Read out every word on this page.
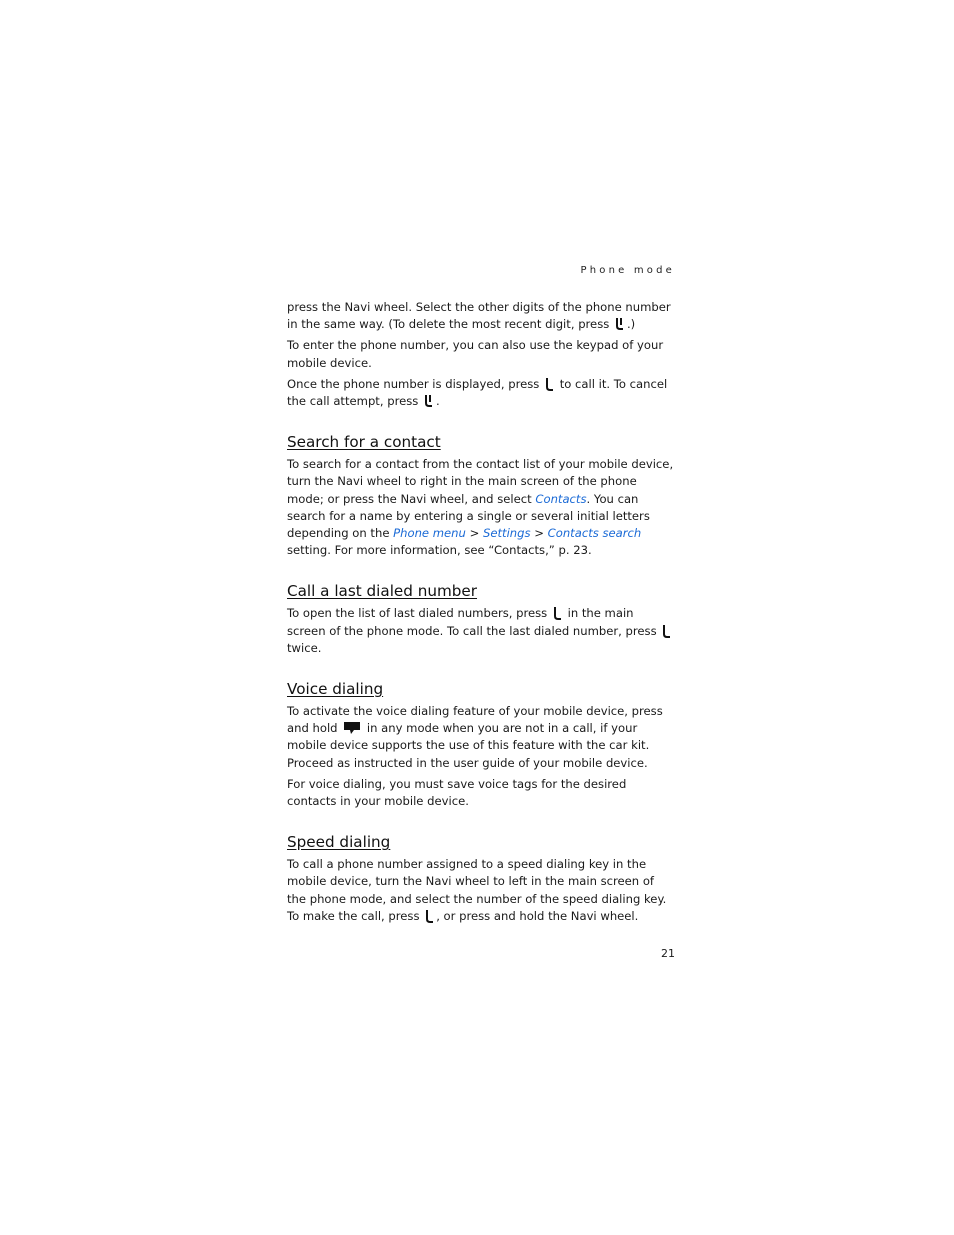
Phone mode

press the Navi wheel. Select the other digits of the phone number in the same way. (To delete the most recent digit, press .)

To enter the phone number, you can also use the keypad of your mobile device.

Once the phone number is displayed, press to call it. To cancel the call attempt, press .

Search for a contact

To search for a contact from the contact list of your mobile device, turn the Navi wheel to right in the main screen of the phone mode; or press the Navi wheel, and select Contacts. You can search for a name by entering a single or several initial letters depending on the Phone menu > Settings > Contacts search setting. For more information, see “Contacts,” p. 23.

Call a last dialed number

To open the list of last dialed numbers, press in the main screen of the phone mode. To call the last dialed number, press  twice.

Voice dialing

To activate the voice dialing feature of your mobile device, press and hold	in any mode when you are not in a call, if your mobile device supports the use of this feature with the car kit. Proceed as instructed in the user guide of your mobile device.

For voice dialing, you must save voice tags for the desired contacts in your mobile device.

Speed dialing

To call a phone number assigned to a speed dialing key in the mobile device, turn the Navi wheel to left in the main screen of the phone mode, and select the number of the speed dialing key. To make the call, press , or press and hold the Navi wheel.

21
